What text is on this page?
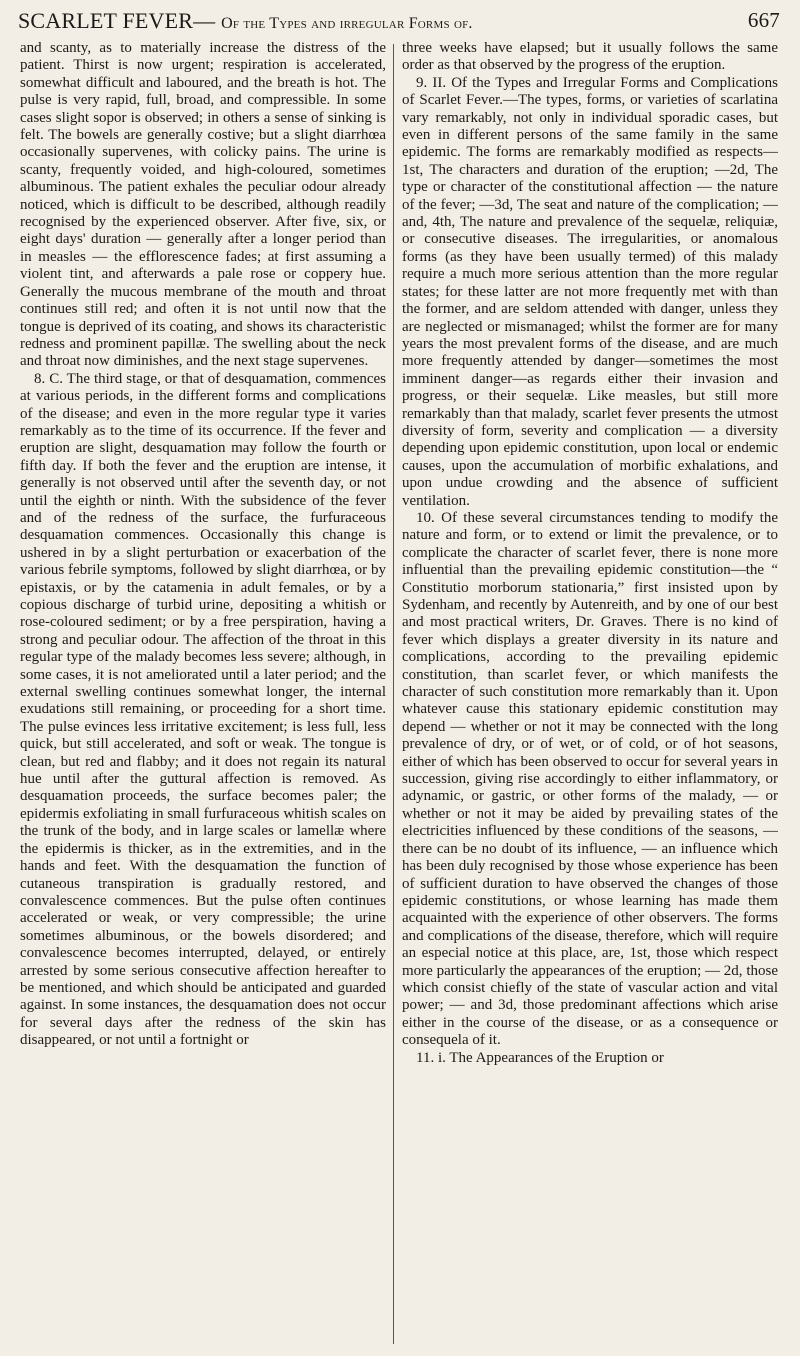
SCARLET FEVER— Of the Types and irregular Forms of.	667

and scanty, as to materially increase the distress of the patient. Thirst is now urgent; respiration is accelerated, somewhat difficult and laboured, and the breath is hot. The pulse is very rapid, full, broad, and compressible. In some cases slight sopor is observed; in others a sense of sinking is felt. The bowels are generally costive; but a slight diarrhœa occasionally supervenes, with colicky pains. The urine is scanty, frequently voided, and high-coloured, sometimes albuminous. The patient exhales the peculiar odour already noticed, which is difficult to be described, although readily recognised by the experienced observer. After five, six, or eight days' duration — generally after a longer period than in measles — the efflorescence fades; at first assuming a violent tint, and afterwards a pale rose or coppery hue. Generally the mucous membrane of the mouth and throat continues still red; and often it is not until now that the tongue is deprived of its coating, and shows its characteristic redness and prominent papillæ. The swelling about the neck and throat now diminishes, and the next stage supervenes.

8. C. The third stage, or that of desquamation, commences at various periods, in the different forms and complications of the disease; and even in the more regular type it varies remarkably as to the time of its occurrence. If the fever and eruption are slight, desquamation may follow the fourth or fifth day. If both the fever and the eruption are intense, it generally is not observed until after the seventh day, or not until the eighth or ninth. With the subsidence of the fever and of the redness of the surface, the furfuraceous desquamation commences. Occasionally this change is ushered in by a slight perturbation or exacerbation of the various febrile symptoms, followed by slight diarrhœa, or by epistaxis, or by the catamenia in adult females, or by a copious discharge of turbid urine, depositing a whitish or rose-coloured sediment; or by a free perspiration, having a strong and peculiar odour. The affection of the throat in this regular type of the malady becomes less severe; although, in some cases, it is not ameliorated until a later period; and the external swelling continues somewhat longer, the internal exudations still remaining, or proceeding for a short time. The pulse evinces less irritative excitement; is less full, less quick, but still accelerated, and soft or weak. The tongue is clean, but red and flabby; and it does not regain its natural hue until after the guttural affection is removed. As desquamation proceeds, the surface becomes paler; the epidermis exfoliating in small furfuraceous whitish scales on the trunk of the body, and in large scales or lamellæ where the epidermis is thicker, as in the extremities, and in the hands and feet. With the desquamation the function of cutaneous transpiration is gradually restored, and convalescence commences. But the pulse often continues accelerated or weak, or very compressible; the urine sometimes albuminous, or the bowels disordered; and convalescence becomes interrupted, delayed, or entirely arrested by some serious consecutive affection hereafter to be mentioned, and which should be anticipated and guarded against. In some instances, the desquamation does not occur for several days after the redness of the skin has disappeared, or not until a fortnight or

three weeks have elapsed; but it usually follows the same order as that observed by the progress of the eruption.

9. II. Of the Types and Irregular Forms and Complications of Scarlet Fever.—The types, forms, or varieties of scarlatina vary remarkably, not only in individual sporadic cases, but even in different persons of the same family in the same epidemic. The forms are remarkably modified as respects—1st, The characters and duration of the eruption; —2d, The type or character of the constitutional affection — the nature of the fever; —3d, The seat and nature of the complication; — and, 4th, The nature and prevalence of the sequelæ, reliquiæ, or consecutive diseases. The irregularities, or anomalous forms (as they have been usually termed) of this malady require a much more serious attention than the more regular states; for these latter are not more frequently met with than the former, and are seldom attended with danger, unless they are neglected or mismanaged; whilst the former are for many years the most prevalent forms of the disease, and are much more frequently attended by danger—sometimes the most imminent danger—as regards either their invasion and progress, or their sequelæ. Like measles, but still more remarkably than that malady, scarlet fever presents the utmost diversity of form, severity and complication — a diversity depending upon epidemic constitution, upon local or endemic causes, upon the accumulation of morbific exhalations, and upon undue crowding and the absence of sufficient ventilation.

10. Of these several circumstances tending to modify the nature and form, or to extend or limit the prevalence, or to complicate the character of scarlet fever, there is none more influential than the prevailing epidemic constitution—the “ Constitutio morborum stationaria,” first insisted upon by Sydenham, and recently by Autenreith, and by one of our best and most practical writers, Dr. Graves. There is no kind of fever which displays a greater diversity in its nature and complications, according to the prevailing epidemic constitution, than scarlet fever, or which manifests the character of such constitution more remarkably than it. Upon whatever cause this stationary epidemic constitution may depend — whether or not it may be connected with the long prevalence of dry, or of wet, or of cold, or of hot seasons, either of which has been observed to occur for several years in succession, giving rise accordingly to either inflammatory, or adynamic, or gastric, or other forms of the malady, — or whether or not it may be aided by prevailing states of the electricities influenced by these conditions of the seasons, — there can be no doubt of its influence, — an influence which has been duly recognised by those whose experience has been of sufficient duration to have observed the changes of those epidemic constitutions, or whose learning has made them acquainted with the experience of other observers. The forms and complications of the disease, therefore, which will require an especial notice at this place, are, 1st, those which respect more particularly the appearances of the eruption; — 2d, those which consist chiefly of the state of vascular action and vital power; — and 3d, those predominant affections which arise either in the course of the disease, or as a consequence or consequela of it.

11. i. The Appearances of the Eruption or
